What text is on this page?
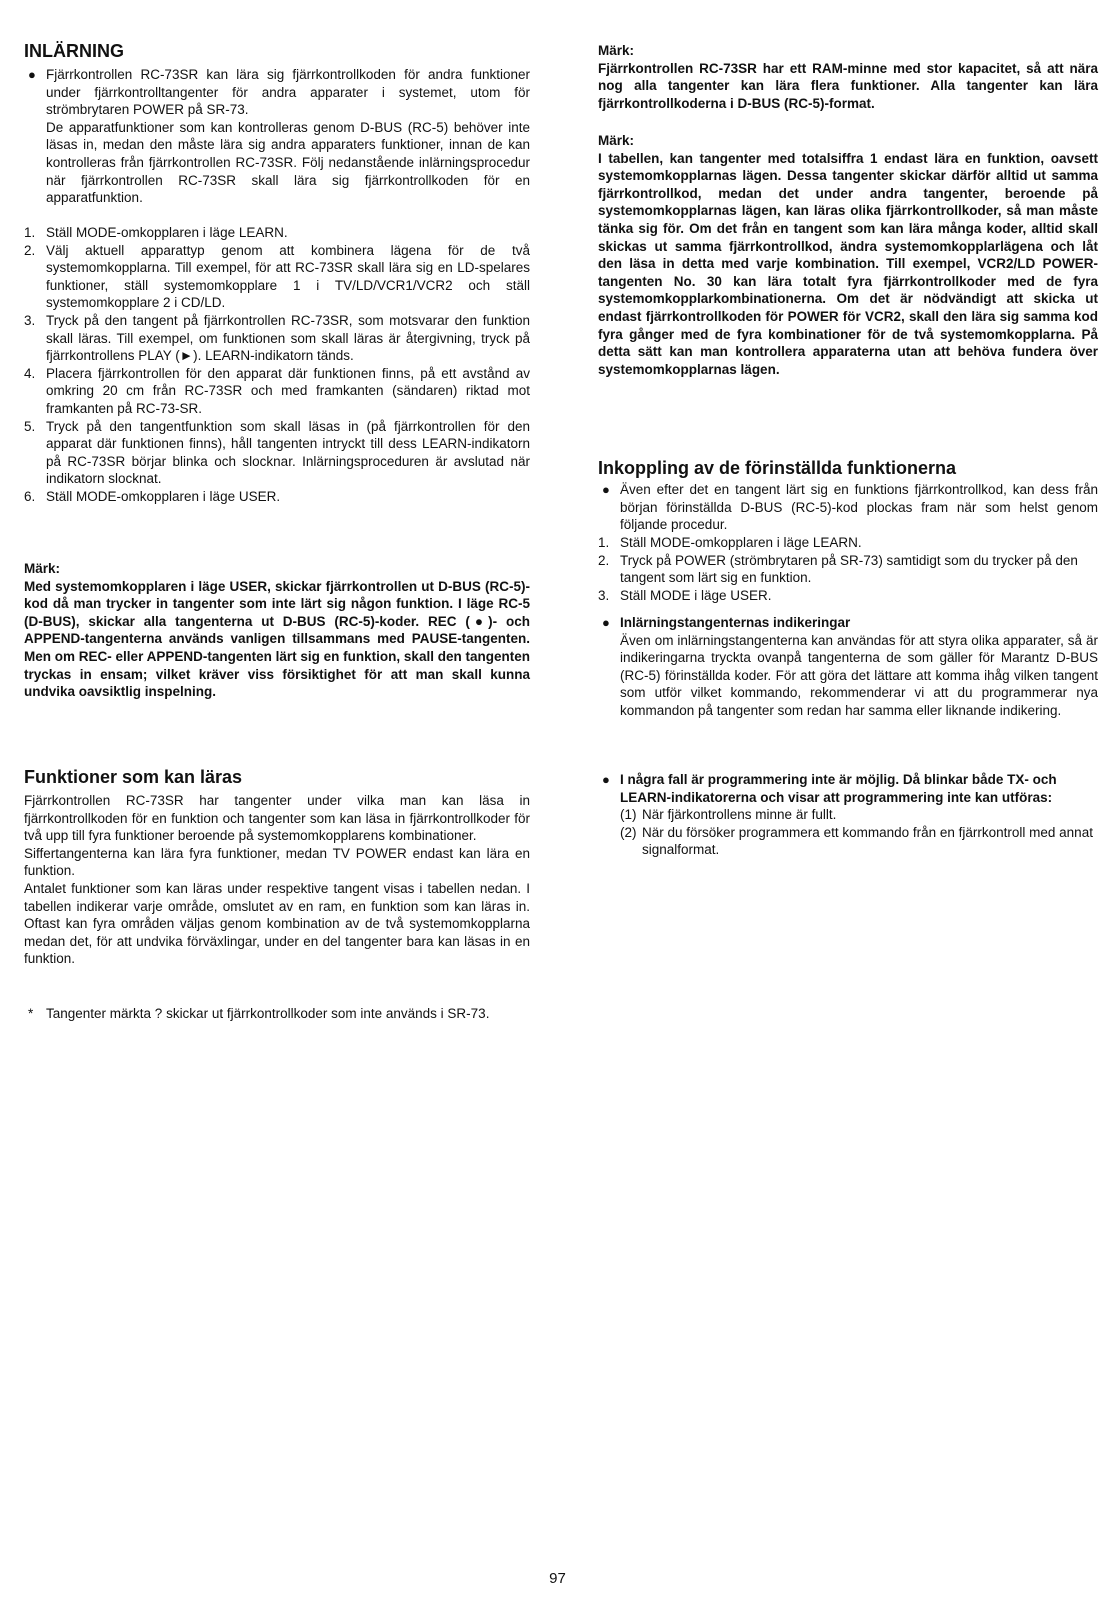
INLÄRNING
● Fjärrkontrollen RC-73SR kan lära sig fjärrkontrollkoden för andra funktioner under fjärrkontrolltangenter för andra apparater i systemet, utom för strömbrytaren POWER på SR-73.

De apparatfunktioner som kan kontrolleras genom D-BUS (RC-5) behöver inte läsas in, medan den måste lära sig andra apparaters funktioner, innan de kan kontrolleras från fjärrkontrollen RC-73SR. Följ nedanstående inlärningsprocedur när fjärrkontrollen RC-73SR skall lära sig fjärrkontrollkoden för en apparatfunktion.

1. Ställ MODE-omkopplaren i läge LEARN.

2. Välj aktuell apparattyp genom att kombinera lägena för de två systemomkopplarna. Till exempel, för att RC-73SR skall lära sig en LD-spelares funktioner, ställ systemomkopplare 1 i TV/LD/VCR1/VCR2 och ställ systemomkopplare 2 i CD/LD.

3. Tryck på den tangent på fjärrkontrollen RC-73SR, som motsvarar den funktion skall läras. Till exempel, om funktionen som skall läras är återgivning, tryck på fjärrkontrollens PLAY (►). LEARN-indikatorn tänds.

4. Placera fjärrkontrollen för den apparat där funktionen finns, på ett avstånd av omkring 20 cm från RC-73SR och med framkanten (sändaren) riktad mot framkanten på RC-73-SR.

5. Tryck på den tangentfunktion som skall läsas in (på fjärrkontrollen för den apparat där funktionen finns), håll tangenten intryckt till dess LEARN-indikatorn på RC-73SR börjar blinka och slocknar. Inlärningsproceduren är avslutad när indikatorn slocknat.

6. Ställ MODE-omkopplaren i läge USER.

Märk:

Med systemomkopplaren i läge USER, skickar fjärrkontrollen ut D-BUS (RC-5)-kod då man trycker in tangenter som inte lärt sig någon funktion. I läge RC-5 (D-BUS), skickar alla tangenterna ut D-BUS (RC-5)-koder. REC (●)- och APPEND-tangenterna används vanligen tillsammans med PAUSE-tangenten. Men om REC- eller APPEND-tangenten lärt sig en funktion, skall den tangenten tryckas in ensam; vilket kräver viss försiktighet för att man skall kunna undvika oavsiktlig inspelning.

Funktioner som kan läras

Fjärrkontrollen RC-73SR har tangenter under vilka man kan läsa in fjärrkontrollkoden för en funktion och tangenter som kan läsa in fjärrkontrollkoder för två upp till fyra funktioner beroende på systemomkopplarens kombinationer.

Siffertangenterna kan lära fyra funktioner, medan TV POWER endast kan lära en funktion.

Antalet funktioner som kan läras under respektive tangent visas i tabellen nedan. I tabellen indikerar varje område, omslutet av en ram, en funktion som kan läras in. Oftast kan fyra områden väljas genom kombination av de två systemomkopplarna medan det, för att undvika förväxlingar, under en del tangenter bara kan läsas in en funktion.

* Tangenter märkta ? skickar ut fjärrkontrollkoder som inte används i SR-73.

Märk:

Fjärrkontrollen RC-73SR har ett RAM-minne med stor kapacitet, så att nära nog alla tangenter kan lära flera funktioner. Alla tangenter kan lära fjärrkontrollkoderna i D-BUS (RC-5)-format.

Märk:

I tabellen, kan tangenter med totalsiffra 1 endast lära en funktion, oavsett systemomkopplarnas lägen. Dessa tangenter skickar därför alltid ut samma fjärrkontrollkod, medan det under andra tangenter, beroende på systemomkopplarnas lägen, kan läras olika fjärrkontrollkoder, så man måste tänka sig för. Om det från en tangent som kan lära många koder, alltid skall skickas ut samma fjärrkontrollkod, ändra systemomkopplarlägena och låt den läsa in detta med varje kombination. Till exempel, VCR2/LD POWER-tangenten No. 30 kan lära totalt fyra fjärrkontrollkoder med de fyra systemomkopplarkombinationerna. Om det är nödvändigt att skicka ut endast fjärrkontrollkoden för POWER för VCR2, skall den lära sig samma kod fyra gånger med de fyra kombinationer för de två systemomkopplarna. På detta sätt kan man kontrollera apparaterna utan att behöva fundera över systemomkopplarnas lägen.

Inkoppling av de förinställda funktionerna
● Även efter det en tangent lärt sig en funktions fjärrkontrollkod, kan dess från början förinställda D-BUS (RC-5)-kod plockas fram när som helst genom följande procedur.

1. Ställ MODE-omkopplaren i läge LEARN.

2. Tryck på POWER (strömbrytaren på SR-73) samtidigt som du trycker på den tangent som lärt sig en funktion.

3. Ställ MODE i läge USER.

● Inlärningstangenternas indikeringar

Även om inlärningstangenterna kan användas för att styra olika apparater, så är indikeringarna tryckta ovanpå tangenterna de som gäller för Marantz D-BUS (RC-5) förinställda koder. För att göra det lättare att komma ihåg vilken tangent som utför vilket kommando, rekommenderar vi att du programmerar nya kommandon på tangenter som redan har samma eller liknande indikering.

● I några fall är programmering inte är möjlig. Då blinkar både TX- och LEARN-indikatorerna och visar att programmering inte kan utföras:

(1) När fjärkontrollens minne är fullt.

(2) När du försöker programmera ett kommando från en fjärrkontroll med annat signalformat.

97
